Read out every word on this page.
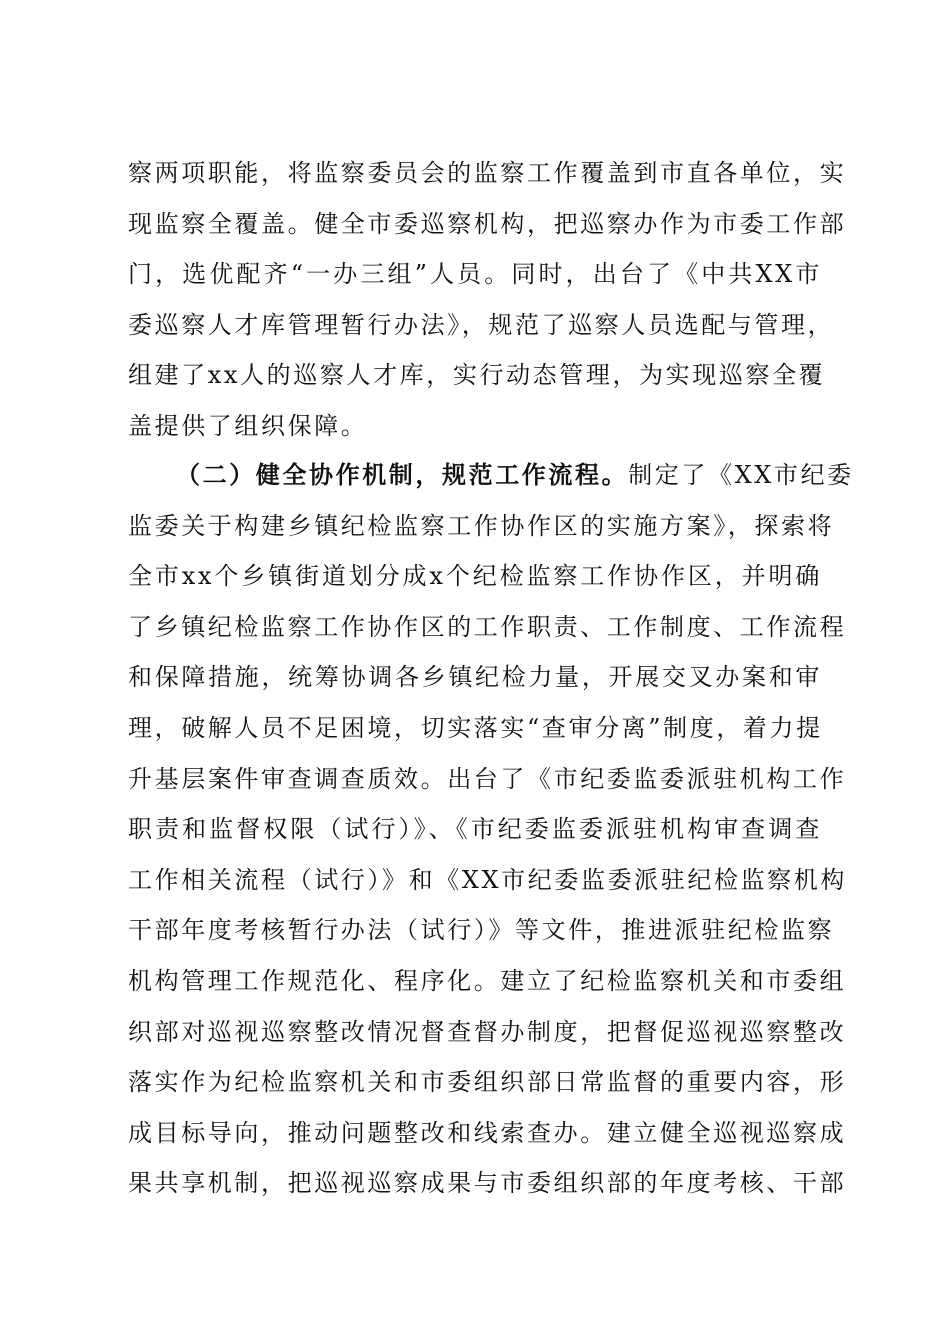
察两项职能，将监察委员会的监察工作覆盖到市直各单位，实
现监察全覆盖。健全市委巡察机构，把巡察办作为市委工作部
门，选优配齐“一办三组”人员。同时，出台了《中共XX市
委巡察人才库管理暂行办法》，规范了巡察人员选配与管理，
组建了xx人的巡察人才库，实行动态管理，为实现巡察全覆
盖提供了组织保障。
（二）健全协作机制，规范工作流程。制定了《XX市纪委
监委关于构建乡镇纪检监察工作协作区的实施方案》，探索将
全市xx个乡镇街道划分成x个纪检监察工作协作区，并明确
了乡镇纪检监察工作协作区的工作职责、工作制度、工作流程
和保障措施，统筹协调各乡镇纪检力量，开展交叉办案和审
理，破解人员不足困境，切实落实“查审分离”制度，着力提
升基层案件审查调查质效。出台了《市纪委监委派驻机构工作
职责和监督权限（试行）》、《市纪委监委派驻机构审查调查
工作相关流程（试行）》和《XX市纪委监委派驻纪检监察机构
干部年度考核暂行办法（试行）》等文件，推进派驻纪检监察
机构管理工作规范化、程序化。建立了纪检监察机关和市委组
织部对巡视巡察整改情况督查督办制度，把督促巡视巡察整改
落实作为纪检监察机关和市委组织部日常监督的重要内容，形
成目标导向，推动问题整改和线索查办。建立健全巡视巡察成
果共享机制，把巡视巡察成果与市委组织部的年度考核、干部
